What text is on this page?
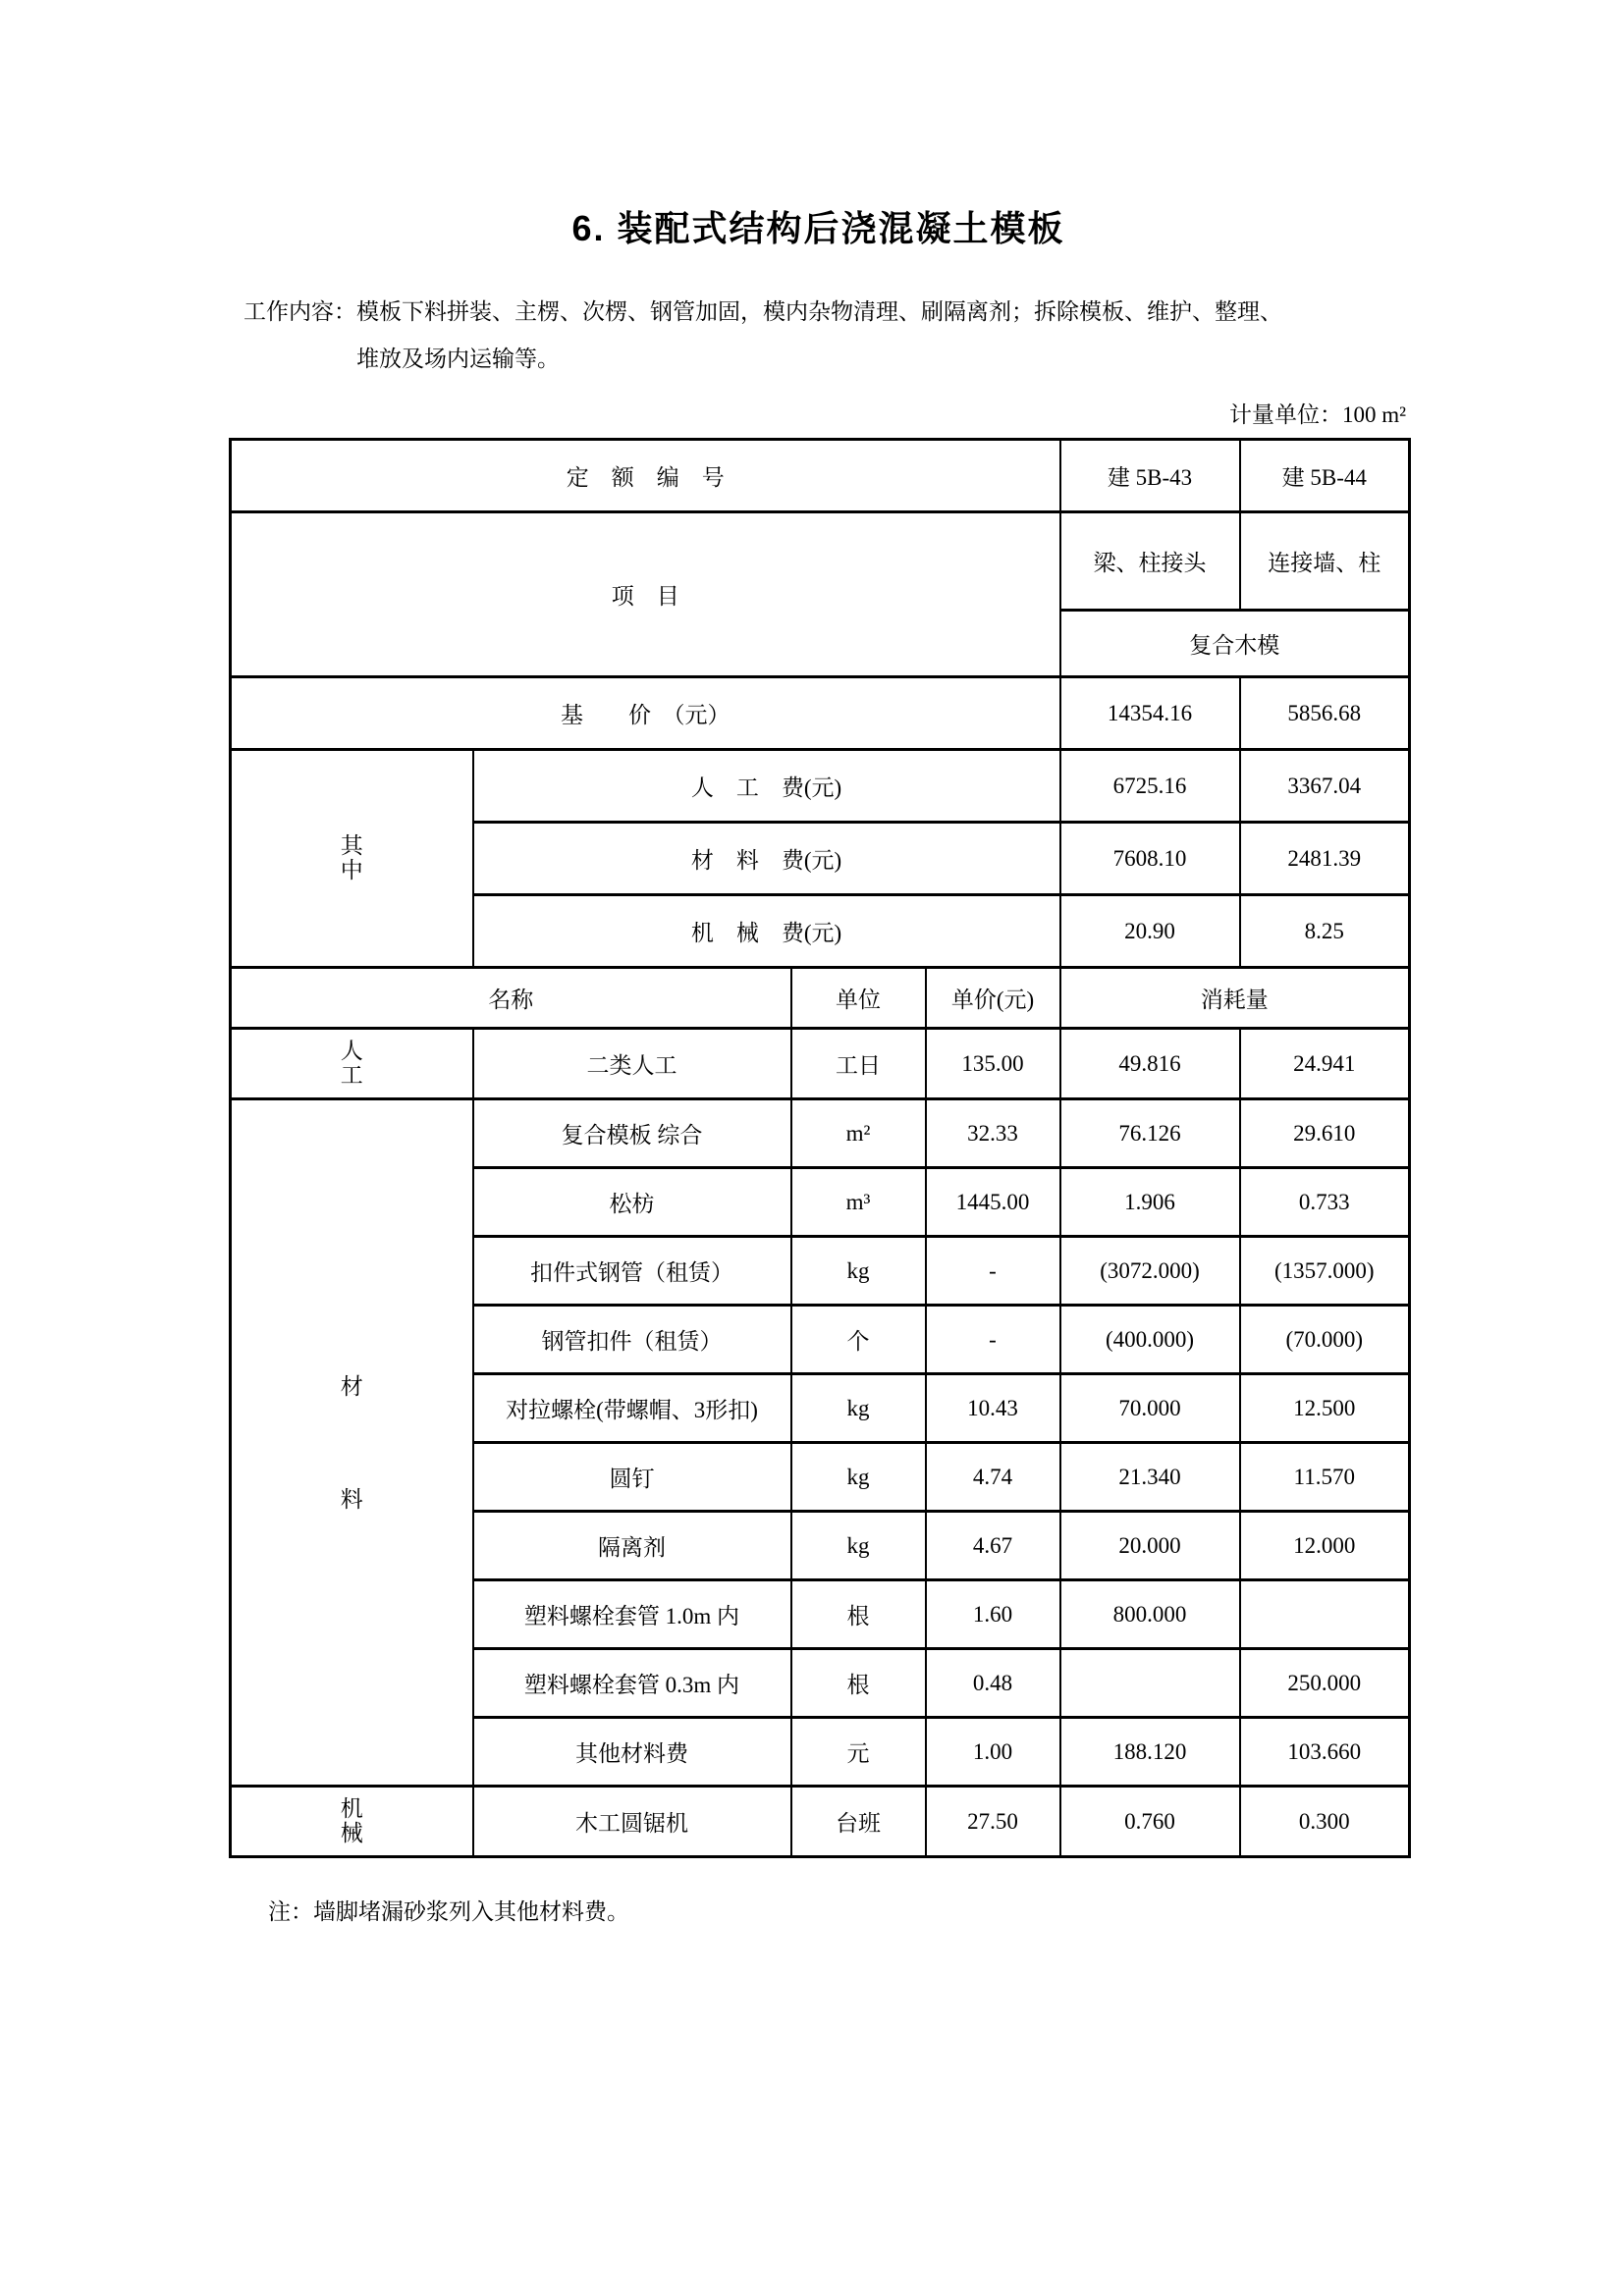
6. 装配式结构后浇混凝土模板
工作内容： 模板下料拼装、主楞、次楞、钢管加固，模内杂物清理、刷隔离剂；拆除模板、维护、整理、
堆放及场内运输等。
计量单位：100 m²
定　额　编　号				建 5B-43	建 5B-44
项　目				梁、柱接头	连接墙、柱
				复合木模	
基　　价　（元）				14354.16	5856.68
其中	人　工　费(元)			6725.16	3367.04
	材　料　费(元)			7608.10	2481.39
	机　械　费(元)			20.90	8.25
名称		单位	单价(元)	消耗量	
人工	二类人工	工日	135.00	49.816	24.941
材料	复合模板 综合	m²	32.33	76.126	29.610
	松枋	m³	1445.00	1.906	0.733
	扣件式钢管（租赁）	kg	-	(3072.000)	(1357.000)
	钢管扣件（租赁）	个	-	(400.000)	(70.000)
	对拉螺栓(带螺帽、3形扣)	kg	10.43	70.000	12.500
	圆钉	kg	4.74	21.340	11.570
	隔离剂	kg	4.67	20.000	12.000
	塑料螺栓套管 1.0m 内	根	1.60	800.000	
	塑料螺栓套管 0.3m 内	根	0.48		250.000
	其他材料费	元	1.00	188.120	103.660
机械	木工圆锯机	台班	27.50	0.760	0.300
注：墙脚堵漏砂浆列入其他材料费。
